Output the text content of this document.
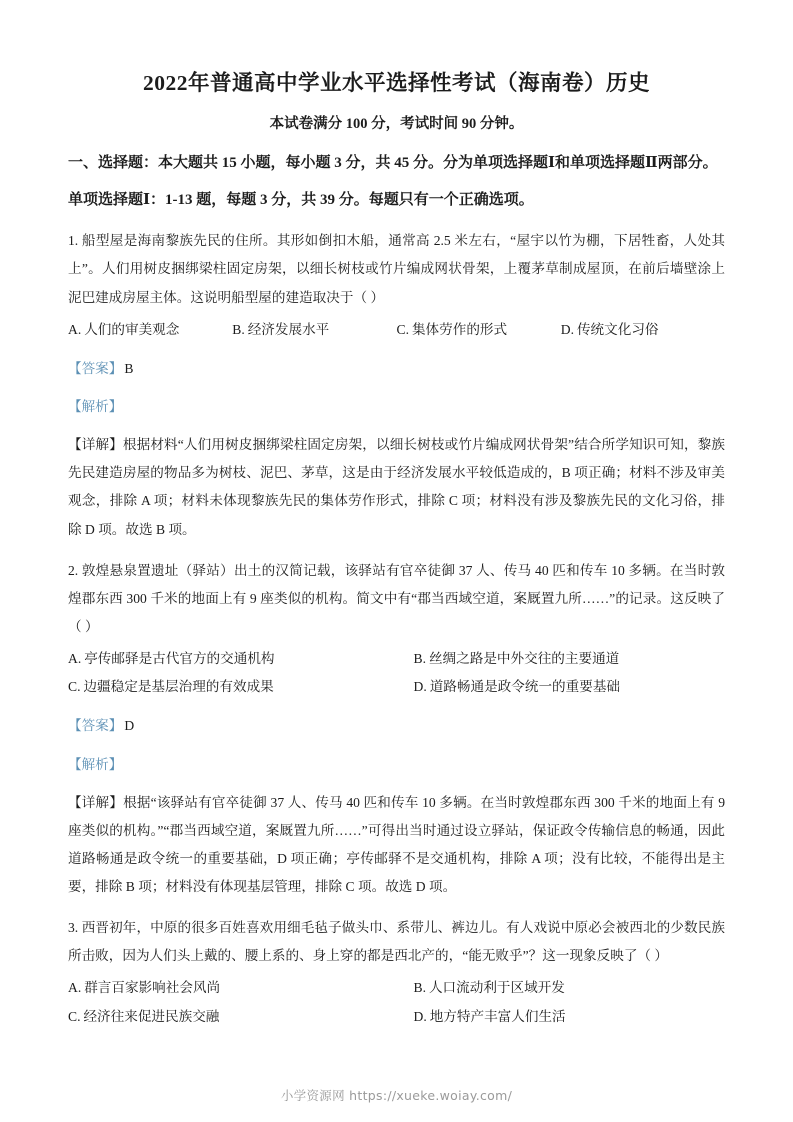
2022年普通高中学业水平选择性考试（海南卷）历史

本试卷满分 100 分，考试时间 90 分钟。

一、选择题：本大题共 15 小题，每小题 3 分，共 45 分。分为单项选择题Ⅰ和单项选择题Ⅱ两部分。

单项选择题Ⅰ：1-13 题，每题 3 分，共 39 分。每题只有一个正确选项。

1. 船型屋是海南黎族先民的住所。其形如倒扣木船，通常高 2.5 米左右，“屋宇以竹为棚，下居牲畜，人处其上”。人们用树皮捆绑梁柱固定房架，以细长树枝或竹片编成网状骨架，上覆茅草制成屋顶，在前后墙壁涂上泥巴建成房屋主体。这说明船型屋的建造取决于（ ）

A. 人们的审美观念	B. 经济发展水平	C. 集体劳作的形式	D. 传统文化习俗

【答案】 B

【解析】

【详解】根据材料“人们用树皮捆绑梁柱固定房架，以细长树枝或竹片编成网状骨架”结合所学知识可知，黎族先民建造房屋的物品多为树枝、泥巴、茅草，这是由于经济发展水平较低造成的，B 项正确；材料不涉及审美观念，排除 A 项；材料未体现黎族先民的集体劳作形式，排除 C 项；材料没有涉及黎族先民的文化习俗，排除 D 项。故选 B 项。

2. 敦煌悬泉置遗址（驿站）出土的汉简记载，该驿站有官卒徒御 37 人、传马 40 匹和传车 10 多辆。在当时敦煌郡东西 300 千米的地面上有 9 座类似的机构。简文中有“郡当西域空道，案厩置九所……”的记录。这反映了（ ）

A. 亭传邮驿是古代官方的交通机构	B. 丝绸之路是中外交往的主要通道
C. 边疆稳定是基层治理的有效成果	D. 道路畅通是政令统一的重要基础

【答案】 D

【解析】

【详解】根据“该驿站有官卒徒御 37 人、传马 40 匹和传车 10 多辆。在当时敦煌郡东西 300 千米的地面上有 9 座类似的机构。”“郡当西域空道，案厩置九所……”可得出当时通过设立驿站，保证政令传输信息的畅通，因此道路畅通是政令统一的重要基础，D 项正确；亭传邮驿不是交通机构，排除 A 项；没有比较，不能得出是主要，排除 B 项；材料没有体现基层管理，排除 C 项。故选 D 项。

3. 西晋初年，中原的很多百姓喜欢用细毛毡子做头巾、系带儿、裤边儿。有人戏说中原必会被西北的少数民族所击败，因为人们头上戴的、腰上系的、身上穿的都是西北产的，“能无败乎”？这一现象反映了（ ）

A. 群言百家影响社会风尚	B. 人口流动利于区域开发
C. 经济往来促进民族交融	D. 地方特产丰富人们生活
小学资源网 https://xueke.woiay.com/
